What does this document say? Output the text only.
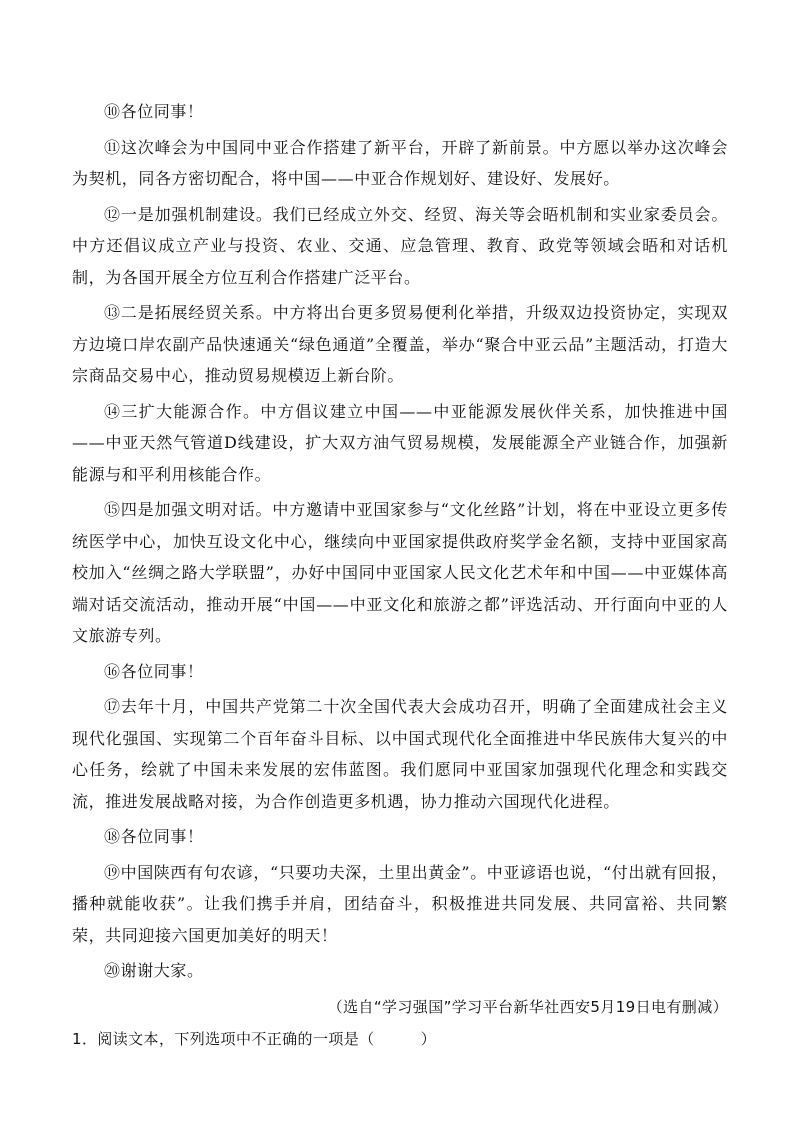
⑩各位同事！

⑪这次峰会为中国同中亚合作搭建了新平台，开辟了新前景。中方愿以举办这次峰会为契机，同各方密切配合，将中国——中亚合作规划好、建设好、发展好。

⑫一是加强机制建设。我们已经成立外交、经贸、海关等会晤机制和实业家委员会。中方还倡议成立产业与投资、农业、交通、应急管理、教育、政党等领域会晤和对话机制，为各国开展全方位互利合作搭建广泛平台。

⑬二是拓展经贸关系。中方将出台更多贸易便利化举措，升级双边投资协定，实现双方边境口岸农副产品快速通关“绿色通道”全覆盖，举办“聚合中亚云品”主题活动，打造大宗商品交易中心，推动贸易规模迈上新台阶。

⑭三扩大能源合作。中方倡议建立中国——中亚能源发展伙伴关系，加快推进中国——中亚天然气管道D线建设，扩大双方油气贸易规模，发展能源全产业链合作，加强新能源与和平利用核能合作。

⑮四是加强文明对话。中方邀请中亚国家参与“文化丝路”计划，将在中亚设立更多传统医学中心，加快互设文化中心，继续向中亚国家提供政府奖学金名额，支持中亚国家高校加入“丝绸之路大学联盟”，办好中国同中亚国家人民文化艺术年和中国——中亚媒体高端对话交流活动，推动开展“中国——中亚文化和旅游之都”评选活动、开行面向中亚的人文旅游专列。

⑯各位同事！

⑰去年十月，中国共产党第二十次全国代表大会成功召开，明确了全面建成社会主义现代化强国、实现第二个百年奋斗目标、以中国式现代化全面推进中华民族伟大复兴的中心任务，绘就了中国未来发展的宏伟蓝图。我们愿同中亚国家加强现代化理念和实践交流，推进发展战略对接，为合作创造更多机遇，协力推动六国现代化进程。

⑱各位同事！

⑲中国陕西有句农谚，“只要功夫深，土里出黄金”。中亚谚语也说，“付出就有回报，播种就能收获”。让我们携手并肩，团结奋斗，积极推进共同发展、共同富裕、共同繁荣，共同迎接六国更加美好的明天！

⑳谢谢大家。

（选自“学习强国”学习平台新华社西安5月19日电有删减）

1．阅读文本，下列选项中不正确的一项是（　　　）
